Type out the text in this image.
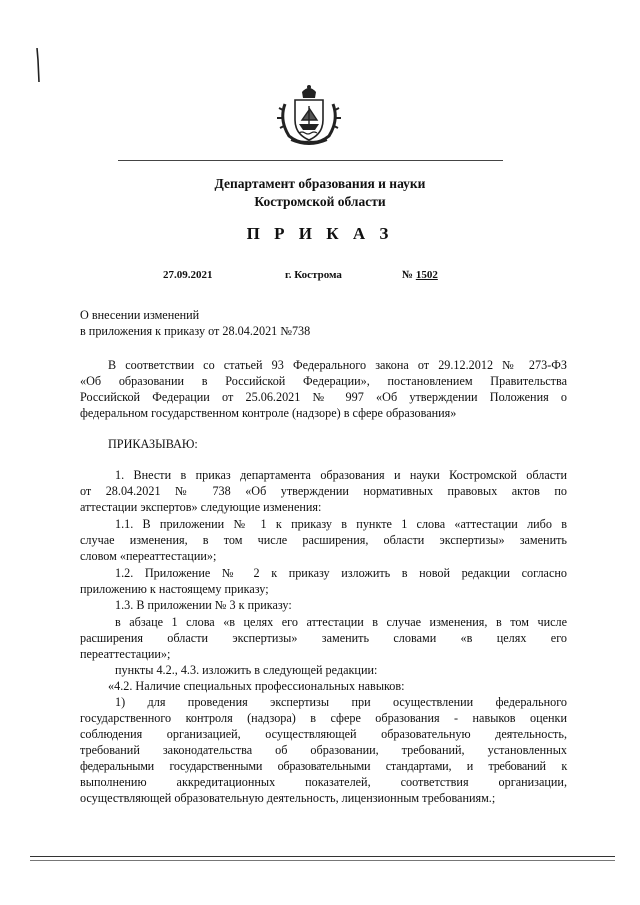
Департамент образования и науки
Костромской области
П Р И К А З
27.09.2021	г. Кострома	№ 1502
О внесении изменений
в приложения к приказу от 28.04.2021 №738
В соответствии со статьей 93 Федерального закона от 29.12.2012 № 273-ФЗ
«Об образовании в Российской Федерации», постановлением Правительства
Российской Федерации от 25.06.2021 № 997 «Об утверждении Положения о
федеральном государственном контроле (надзоре) в сфере образования»
ПРИКАЗЫВАЮ:
1. Внести в приказ департамента образования и науки Костромской области
от 28.04.2021 № 738 «Об утверждении нормативных правовых актов по
аттестации экспертов» следующие изменения:
1.1. В приложении № 1 к приказу в пункте 1 слова «аттестации либо в
случае изменения, в том числе расширения, области экспертизы» заменить
словом «переаттестации»;
1.2. Приложение № 2 к приказу изложить в новой редакции согласно
приложению к настоящему приказу;
1.3. В приложении № 3 к приказу:
в абзаце 1 слова «в целях его аттестации в случае изменения, в том числе
расширения области экспертизы» заменить словами «в целях его
переаттестации»;
пункты 4.2., 4.3. изложить в следующей редакции:
«4.2. Наличие специальных профессиональных навыков:
1) для проведения экспертизы при осуществлении федерального
государственного контроля (надзора) в сфере образования - навыков оценки
соблюдения организацией, осуществляющей образовательную деятельность,
требований законодательства об образовании, требований, установленных
федеральными государственными образовательными стандартами, и требований к
выполнению аккредитационных показателей, соответствия организации,
осуществляющей образовательную деятельность, лицензионным требованиям.;
